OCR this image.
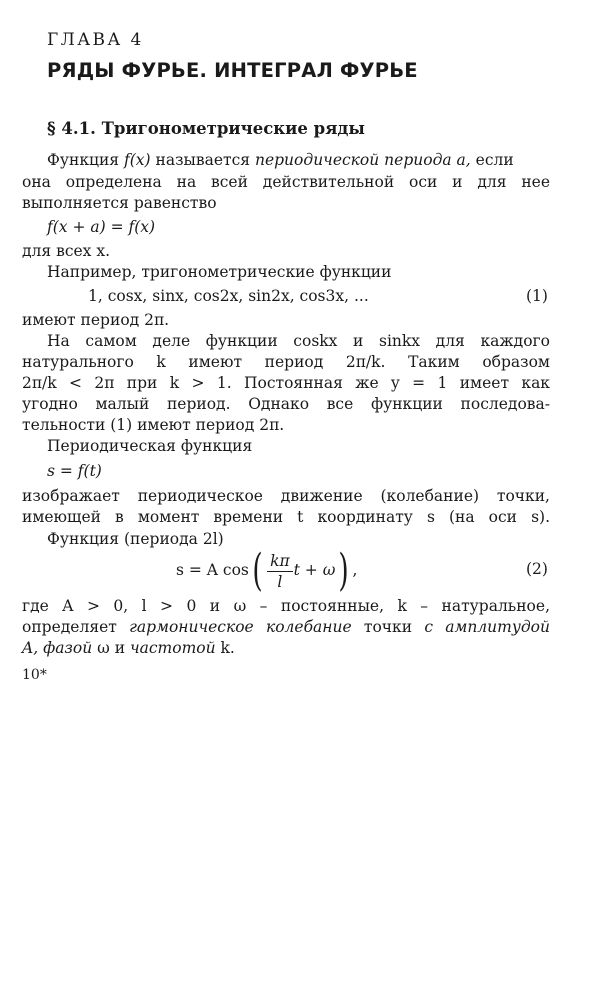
ГЛАВА 4
РЯДЫ ФУРЬЕ. ИНТЕГРАЛ ФУРЬЕ
§ 4.1. Тригонометрические ряды
Функция f(x) называется периодической периода a, если
она определена на всей действительной оси и для нее
выполняется равенство
f(x + a) = f(x)
для всех x.
Например, тригонометрические функции
1, cosx, sinx, cos2x, sin2x, cos3x, ...	(1)
имеют период 2π.
На самом деле функции coskx и sinkx для каждого
натурального k имеют период 2π/k. Таким образом
2π/k < 2π при k > 1. Постоянная же y = 1 имеет как
угодно малый период. Однако все функции последова-
тельности (1) имеют период 2π.
Периодическая функция
s = f(t)
изображает периодическое движение (колебание) точки,
имеющей в момент времени t координату s (на оси s).
Функция (периода 2l)
s = A $\cos( \frac{k\pi}{l}$ t + ω) ,	(2)
где A > 0, l > 0 и ω – постоянные, k – натуральное,
определяет гармоническое колебание точки с амплитудой
A, фазой ω и частотой k.
10*
